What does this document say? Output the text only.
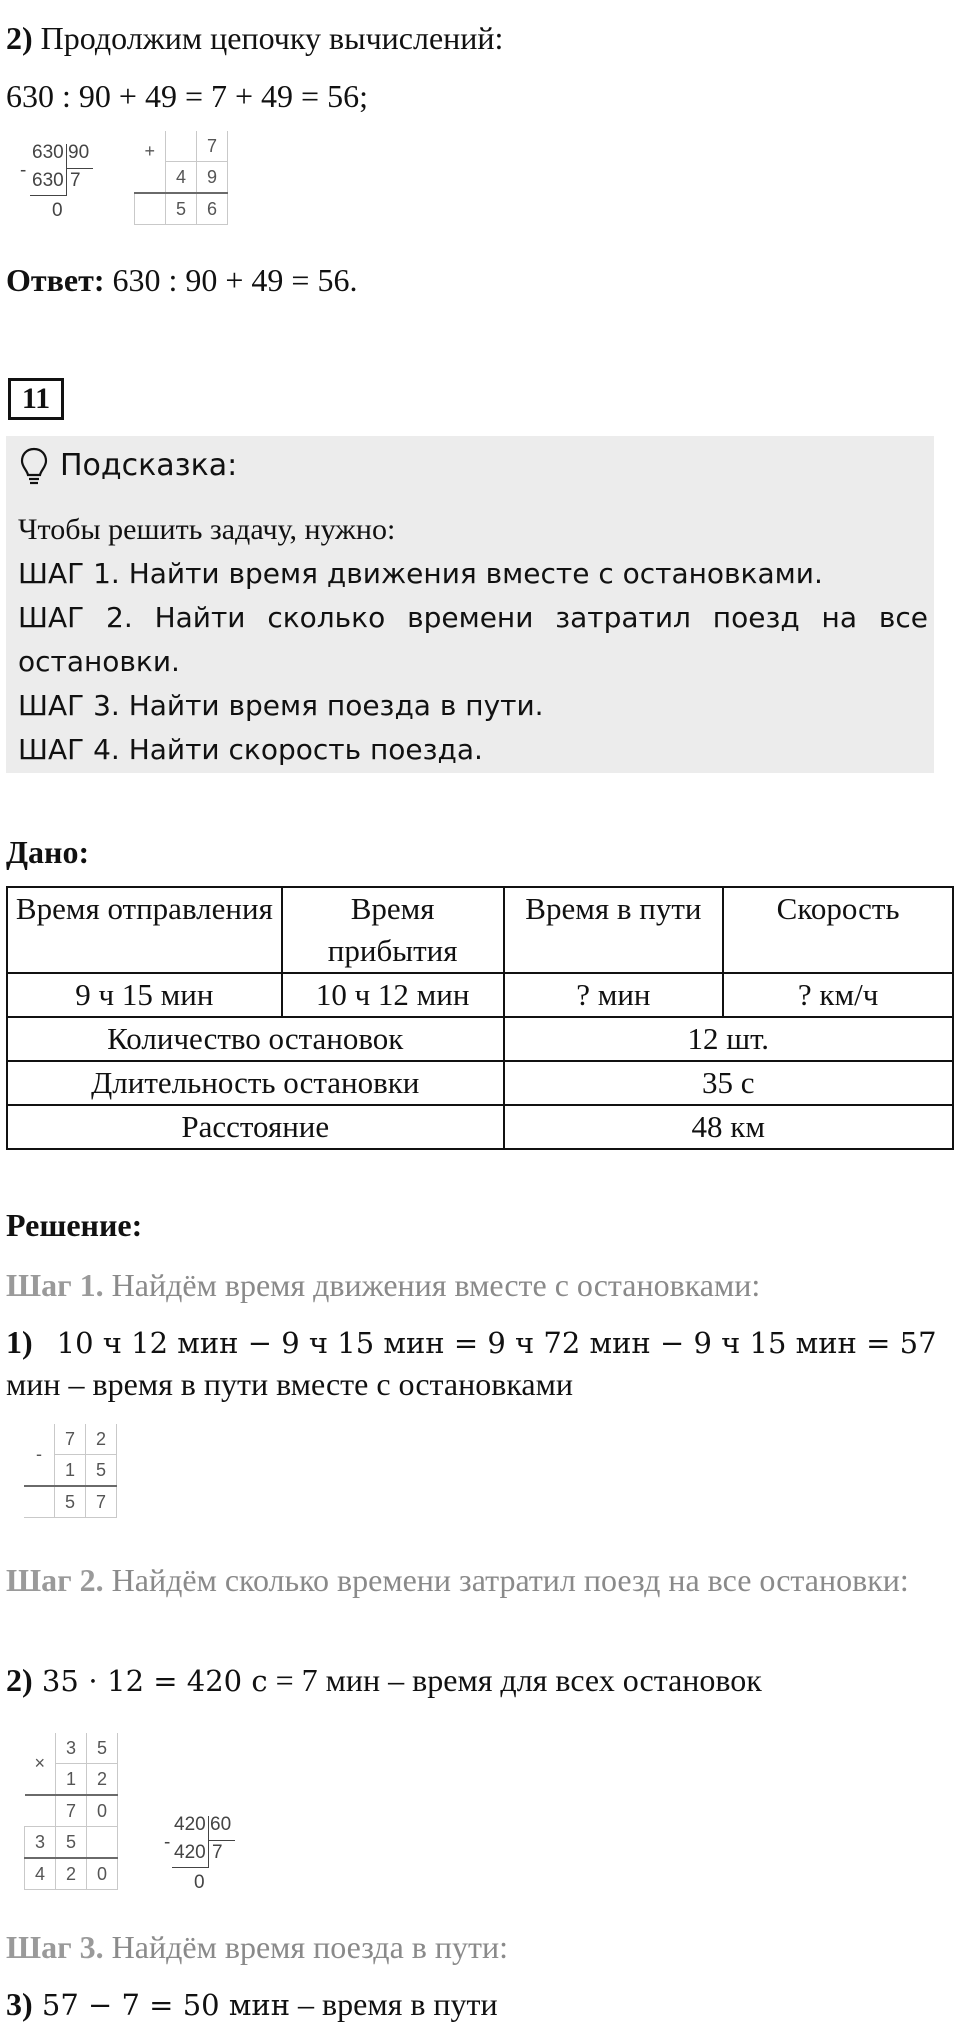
2) Продолжим цепочку вычислений:
630 : 90 + 49 = 7 + 49 = 56;
630 90
- 630 7
0
+		7
	4	9
	5	6
Ответ: 630 : 90 + 49 = 56.
11
Подсказка:
Чтобы решить задачу, нужно:
ШАГ 1. Найти время движения вместе с остановками.
ШАГ 2. Найти сколько времени затратил поезд на все остановки.
ШАГ 3. Найти время поезда в пути.
ШАГ 4. Найти скорость поезда.
Дано:
Время отправления	Время прибытия	Время в пути	Скорость
9 ч 15 мин	10 ч 12 мин	? мин	? км/ч
Количество остановок		12 шт.	
Длительность остановки		35 с	
Расстояние		48 км	
Решение:
Шаг 1. Найдём время движения вместе с остановками:
1) 10 ч 12 мин − 9 ч 15 мин = 9 ч 72 мин − 9 ч 15 мин = 57
мин – время в пути вместе с остановками
-	7	2
	1	5
	5	7
Шаг 2. Найдём сколько времени затратил поезд на все остановки:
2) 35 ⋅ 12 = 420 с = 7 мин – время для всех остановок
×	3	5
	1	2
	7	0
3	5	
4	2	0
420 60
- 420 7
0
Шаг 3. Найдём время поезда в пути:
3) 57 − 7 = 50 мин – время в пути
